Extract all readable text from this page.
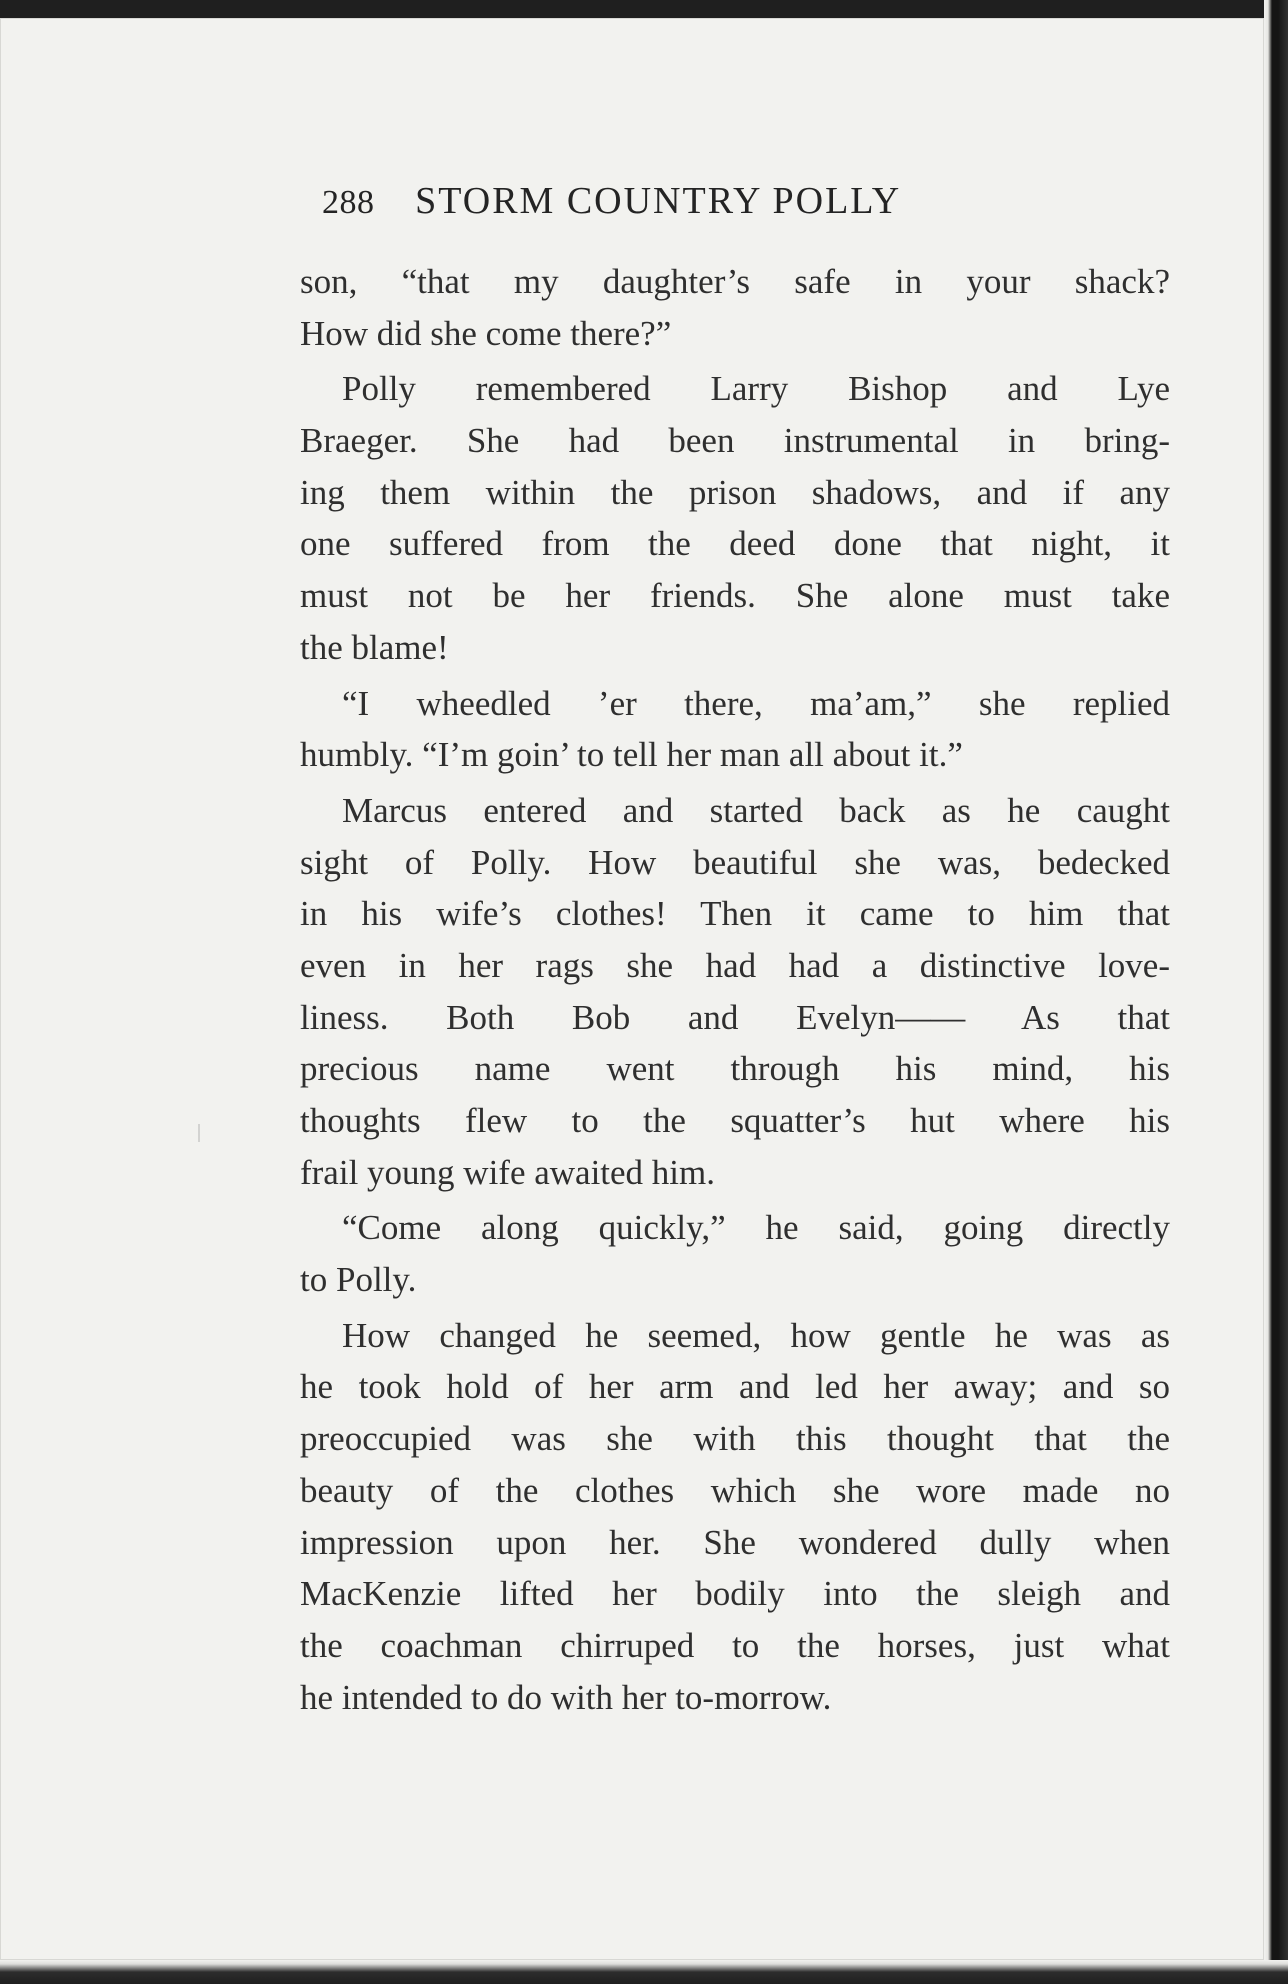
288 STORM COUNTRY POLLY
son, “that my daughter’s safe in your shack?
How did she come there?”
Polly remembered Larry Bishop and Lye
Braeger. She had been instrumental in bring-
ing them within the prison shadows, and if any
one suffered from the deed done that night, it
must not be her friends. She alone must take
the blame!
“I wheedled ’er there, ma’am,” she replied
humbly. “I’m goin’ to tell her man all about it.”
Marcus entered and started back as he caught
sight of Polly. How beautiful she was, bedecked
in his wife’s clothes! Then it came to him that
even in her rags she had had a distinctive love-
liness. Both Bob and Evelyn—— As that
precious name went through his mind, his
thoughts flew to the squatter’s hut where his
frail young wife awaited him.
“Come along quickly,” he said, going directly
to Polly.
How changed he seemed, how gentle he was as
he took hold of her arm and led her away; and so
preoccupied was she with this thought that the
beauty of the clothes which she wore made no
impression upon her. She wondered dully when
MacKenzie lifted her bodily into the sleigh and
the coachman chirruped to the horses, just what
he intended to do with her to-morrow.
